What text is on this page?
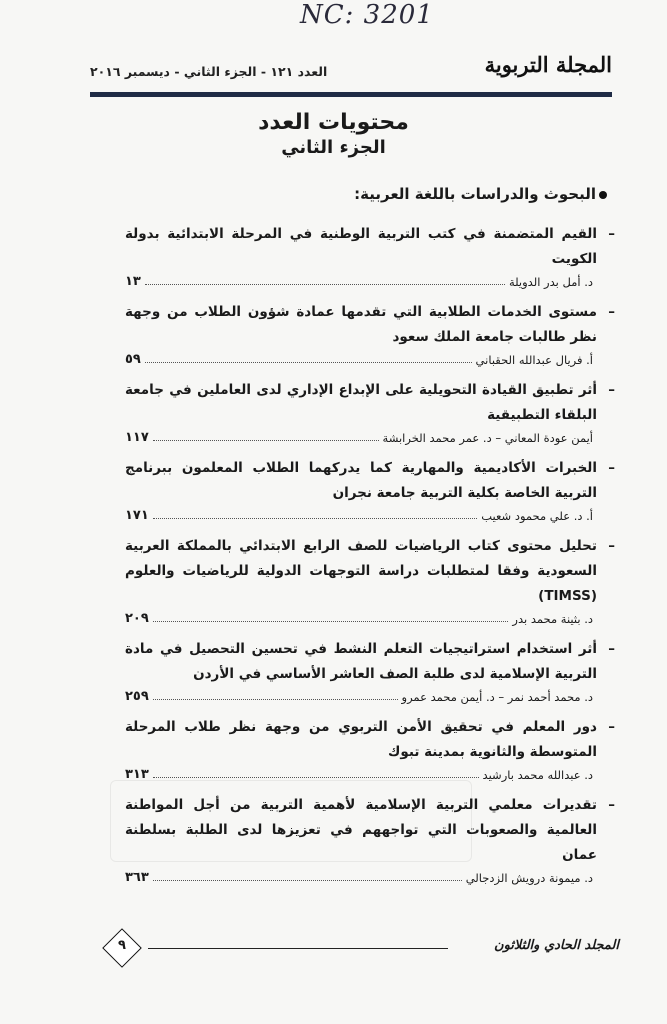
NC: 3201
المجلة التربوية
العدد ١٢١ - الجزء الثاني - ديسمبر ٢٠١٦

محتويات العدد

الجزء الثاني

البحوث والدراسات باللغة العربية:
–
القيم المتضمنة في كتب التربية الوطنية في المرحلة الابتدائية بدولة الكويت
د. أمل بدر الدويلة
١٣
–
مستوى الخدمات الطلابية التي تقدمها عمادة شؤون الطلاب من وجهة نظر طالبات جامعة الملك سعود
أ. فريال عبدالله الحقباني
٥٩
–
أثر تطبيق القيادة التحويلية على الإبداع الإداري لدى العاملين في جامعة البلقاء التطبيقية
أيمن عودة المعاني – د. عمر محمد الخرابشة
١١٧
–
الخبرات الأكاديمية والمهارية كما يدركهما الطلاب المعلمون ببرنامج التربية الخاصة بكلية التربية جامعة نجران
أ. د. علي محمود شعيب
١٧١
–
تحليل محتوى كتاب الرياضيات للصف الرابع الابتدائي بالمملكة العربية السعودية وفقا لمتطلبات دراسة التوجهات الدولية للرياضيات والعلوم (TIMSS)
د. بثينة محمد بدر
٢٠٩
–
أثر استخدام استراتيجيات التعلم النشط في تحسين التحصيل في مادة التربية الإسلامية لدى طلبة الصف العاشر الأساسي في الأردن
د. محمد أحمد نمر – د. أيمن محمد عمرو
٢٥٩
–
دور المعلم في تحقيق الأمن التربوي من وجهة نظر طلاب المرحلة المتوسطة والثانوية بمدينة تبوك
د. عبدالله محمد بارشيد
٣١٣
–
تقديرات معلمي التربية الإسلامية لأهمية التربية من أجل المواطنة العالمية والصعوبات التي تواجههم في تعزيزها لدى الطلبة بسلطنة عمان
د. ميمونة درويش الزدجالي
٣٦٣
المجلد الحادي والثلاثون
٩
